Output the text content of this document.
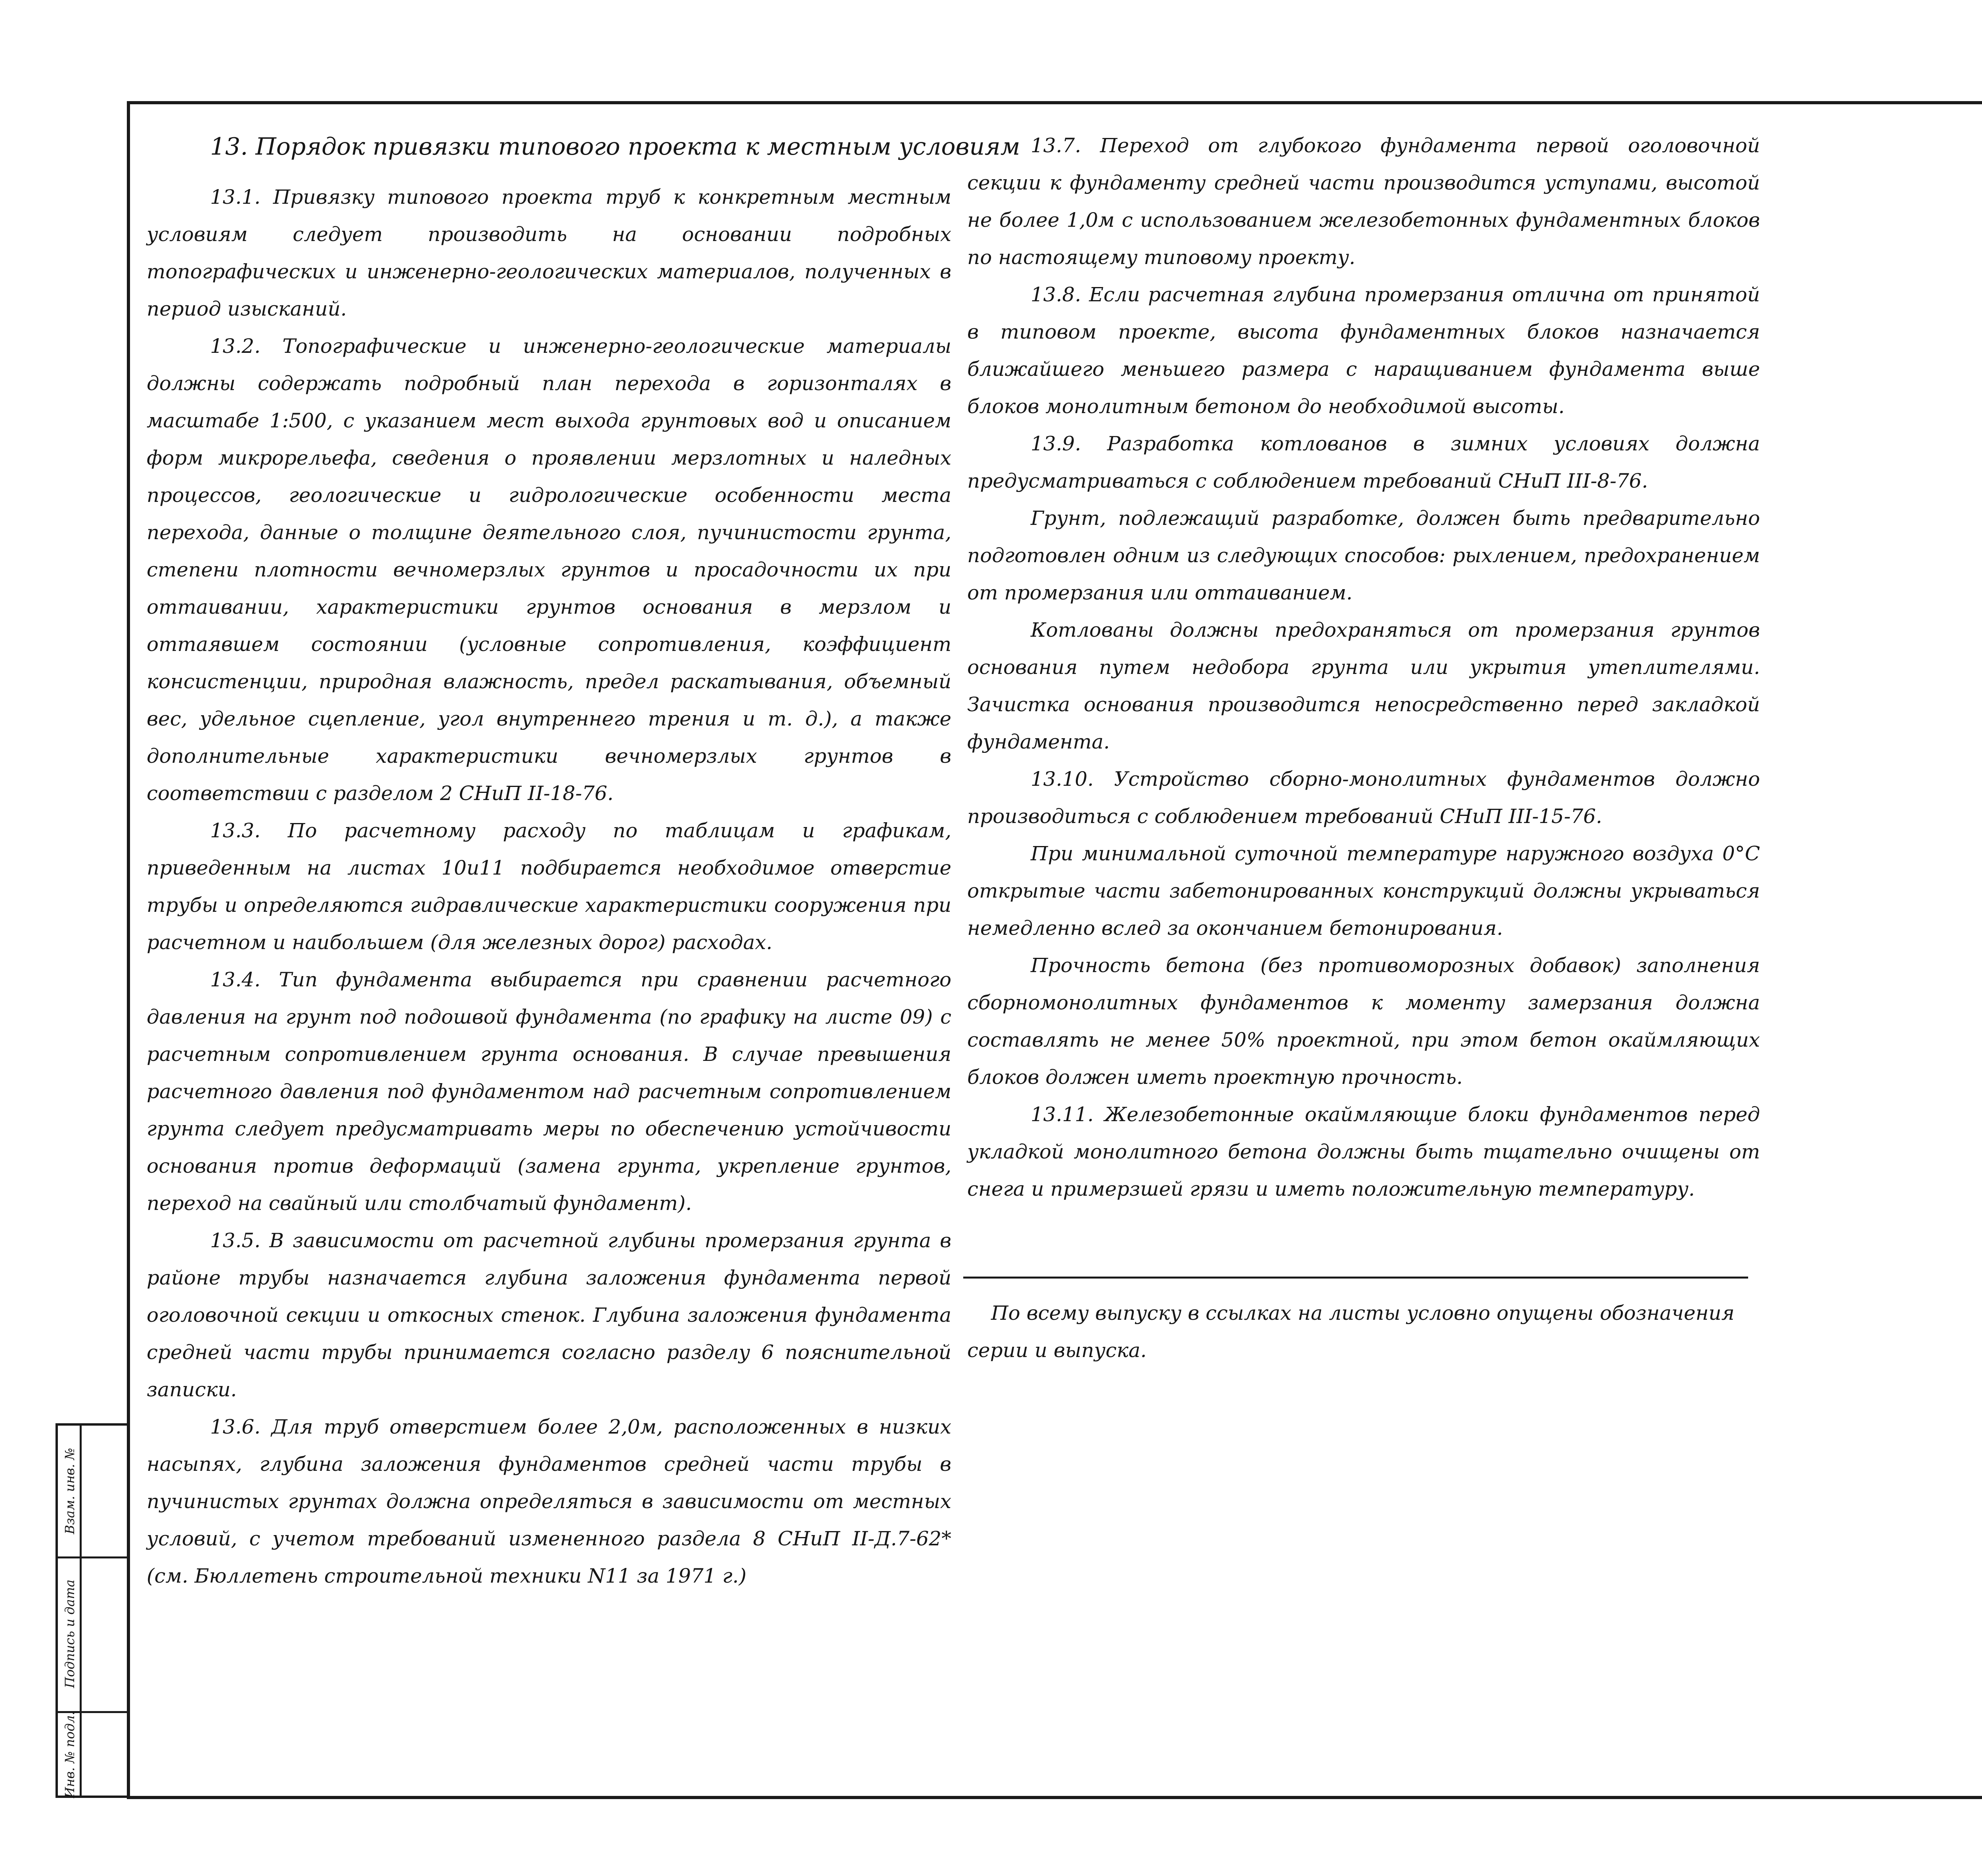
Инв. № подл.
Подпись и дата
Взам. инв. №
13. Порядок привязки типового проекта к местным условиям

13.1. Привязку типового проекта труб к конкретным местным условиям следует производить на основании подробных топографических и инженерно-геологических материалов, полученных в период изысканий.

13.2. Топографические и инженерно-геологические материалы должны содержать подробный план перехода в горизонталях в масштабе 1:500, с указанием мест выхода грунтовых вод и описанием форм микрорельефа, сведения о проявлении мерзлотных и наледных процессов, геологические и гидрологические особенности места перехода, данные о толщине деятельного слоя, пучинистости грунта, степени плотности вечномерзлых грунтов и просадочности их при оттаивании, характеристики грунтов основания в мерзлом и оттаявшем состоянии (условные сопротивления, коэффициент консистенции, природная влажность, предел раскатывания, объемный вес, удельное сцепление, угол внутреннего трения и т. д.), а также дополнительные характеристики вечномерзлых грунтов в соответствии с разделом 2 СНиП II-18-76.

13.3. По расчетному расходу по таблицам и графикам, приведенным на листах 10и11 подбирается необходимое отверстие трубы и определяются гидравлические характеристики сооружения при расчетном и наибольшем (для железных дорог) расходах.

13.4. Тип фундамента выбирается при сравнении расчетного давления на грунт под подошвой фундамента (по графику на листе 09) с расчетным сопротивлением грунта основания. В случае превышения расчетного давления под фундаментом над расчетным сопротивлением грунта следует предусматривать меры по обеспечению устойчивости основания против деформаций (замена грунта, укрепление грунтов, переход на свайный или столбчатый фундамент).

13.5. В зависимости от расчетной глубины промерзания грунта в районе трубы назначается глубина заложения фундамента первой оголовочной секции и откосных стенок. Глубина заложения фундамента средней части трубы принимается согласно разделу 6 пояснительной записки.

13.6. Для труб отверстием более 2,0м, расположенных в низких насыпях, глубина заложения фундаментов средней части трубы в пучинистых грунтах должна определяться в зависимости от местных условий, с учетом требований измененного раздела 8 СНиП II-Д.7-62* (см. Бюллетень строительной техники N11 за 1971 г.)

13.7. Переход от глубокого фундамента первой оголовочной секции к фундаменту средней части производится уступами, высотой не более 1,0м с использованием железобетонных фундаментных блоков по настоящему типовому проекту.

13.8. Если расчетная глубина промерзания отлична от принятой в типовом проекте, высота фундаментных блоков назначается ближайшего меньшего размера с наращиванием фундамента выше блоков монолитным бетоном до необходимой высоты.

13.9. Разработка котлованов в зимних условиях должна предусматриваться с соблюдением требований СНиП III-8-76.

Грунт, подлежащий разработке, должен быть предварительно подготовлен одним из следующих способов: рыхлением, предохранением от промерзания или оттаиванием.

Котлованы должны предохраняться от промерзания грунтов основания путем недобора грунта или укрытия утеплителями. Зачистка основания производится непосредственно перед закладкой фундамента.

13.10. Устройство сборно-монолитных фундаментов должно производиться с соблюдением требований СНиП III-15-76.

При минимальной суточной температуре наружного воздуха 0°С открытые части забетонированных конструкций должны укрываться немедленно вслед за окончанием бетонирования.

Прочность бетона (без противоморозных добавок) заполнения сборномонолитных фундаментов к моменту замерзания должна составлять не менее 50% проектной, при этом бетон окаймляющих блоков должен иметь проектную прочность.

13.11. Железобетонные окаймляющие блоки фундаментов перед укладкой монолитного бетона должны быть тщательно очищены от снега и примерзшей грязи и иметь положительную температуру.

По всему выпуску в ссылках на листы условно опущены обозначения серии и выпуска.
